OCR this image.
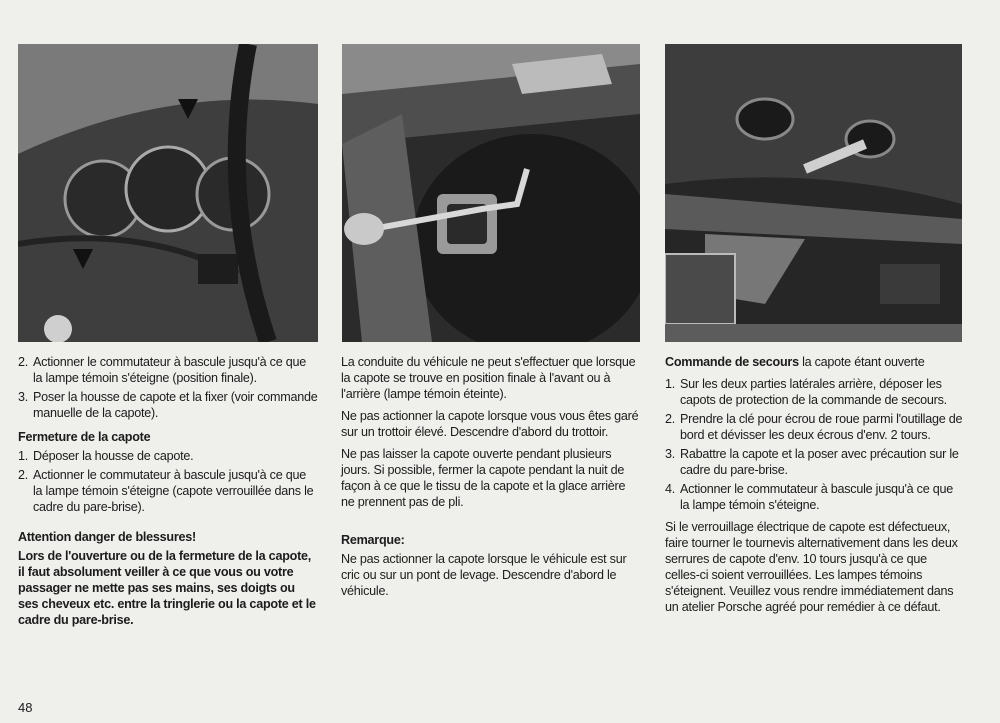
2. Actionner le commutateur à bascule jusqu'à ce que la lampe témoin s'éteigne (position finale).
3. Poser la housse de capote et la fixer (voir commande manuelle de la capote).
Fermeture de la capote
1. Déposer la housse de capote.
2. Actionner le commutateur à bascule jusqu'à ce que la lampe témoin s'éteigne (capote verrouillée dans le cadre du pare-brise).
Attention danger de blessures!

Lors de l'ouverture ou de la fermeture de la capote, il faut absolument veiller à ce que vous ou votre passager ne mette pas ses mains, ses doigts ou ses cheveux etc. entre la tringlerie ou la capote et le cadre du pare-brise.

La conduite du véhicule ne peut s'effectuer que lorsque la capote se trouve en position finale à l'avant ou à l'arrière (lampe témoin éteinte).

Ne pas actionner la capote lorsque vous vous êtes garé sur un trottoir élevé. Descendre d'abord du trottoir.

Ne pas laisser la capote ouverte pendant plusieurs jours. Si possible, fermer la capote pendant la nuit de façon à ce que le tissu de la capote et la glace arrière ne prennent pas de pli.

Remarque:

Ne pas actionner la capote lorsque le véhicule est sur cric ou sur un pont de levage. Descendre d'abord le véhicule.

Commande de secours la capote étant ouverte

1. Sur les deux parties latérales arrière, déposer les capots de protection de la commande de secours.
2. Prendre la clé pour écrou de roue parmi l'outillage de bord et dévisser les deux écrous d'env. 2 tours.
3. Rabattre la capote et la poser avec précaution sur le cadre du pare-brise.
4. Actionner le commutateur à bascule jusqu'à ce que la lampe témoin s'éteigne.

Si le verrouillage électrique de capote est défectueux, faire tourner le tournevis alternativement dans les deux serrures de capote d'env. 10 tours jusqu'à ce que celles-ci soient verrouillées. Les lampes témoins s'éteignent. Veuillez vous rendre immédiatement dans un atelier Porsche agréé pour remédier à ce défaut.

48
